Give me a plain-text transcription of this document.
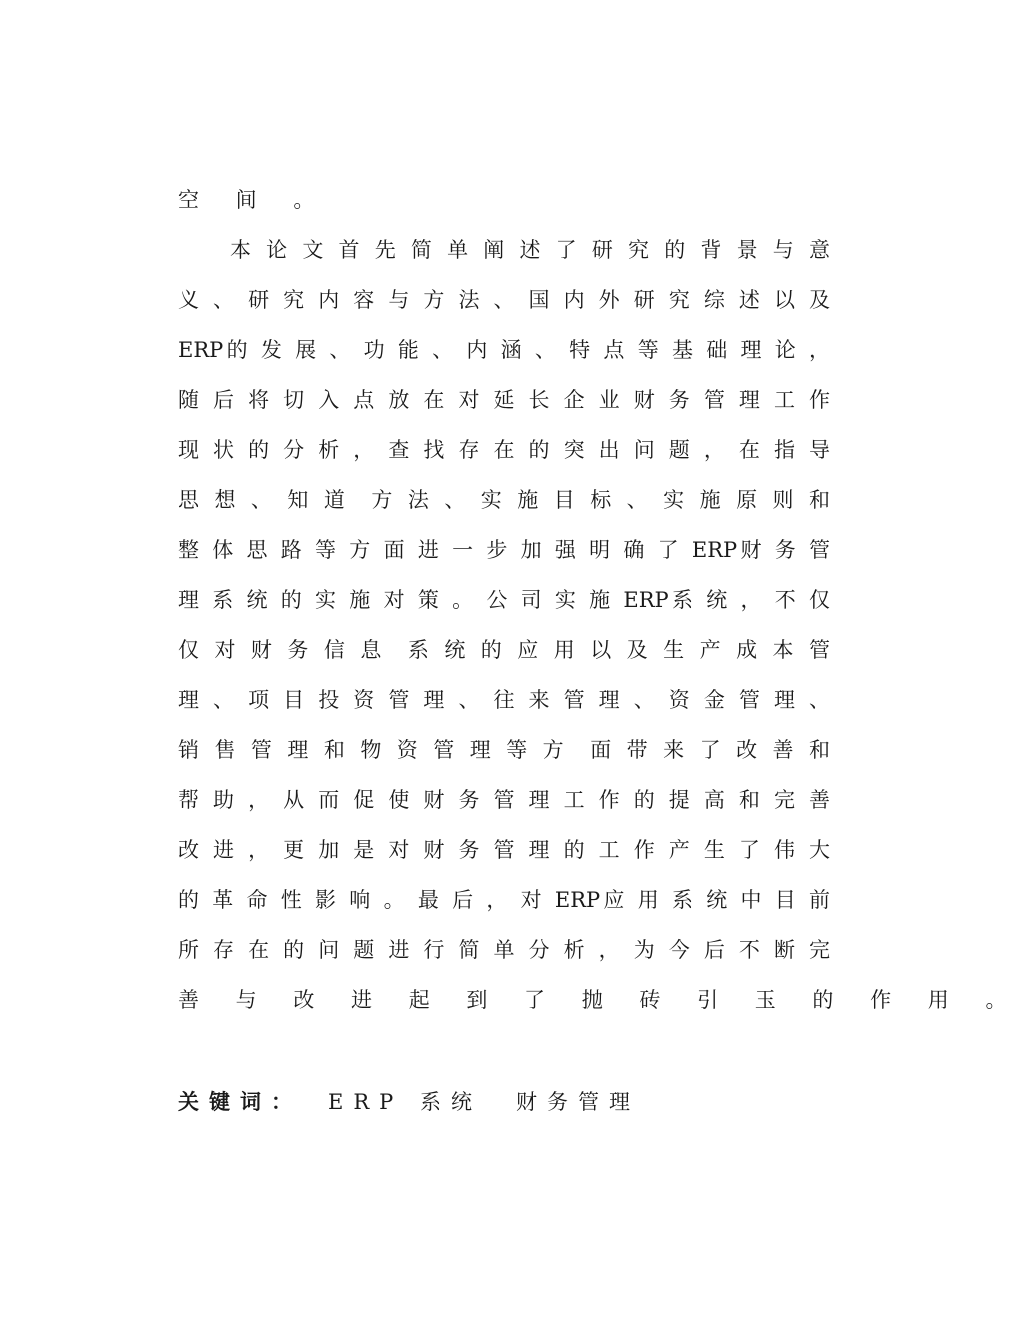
空 间 。
本 论 文 首 先 简 单 阐 述 了 研 究 的 背 景 与 意
义 、 研 究 内 容 与 方 法 、 国 内 外 研 究 综 述 以 及
ERP的 发 展 、 功 能 、 内 涵 、 特 点 等 基 础 理 论 ，
随 后 将 切 入 点 放 在 对 延 长 企 业 财 务 管 理 工 作
现 状 的 分 析 ， 查 找 存 在 的 突 出 问 题 ， 在 指 导
思 想 、 知 道  方 法 、 实 施 目 标 、 实 施 原 则 和
整 体 思 路 等 方 面 进 一 步 加 强 明 确 了 ERP财 务 管
理 系 统 的 实 施 对 策 。 公 司 实 施 ERP系 统 ， 不 仅
仅 对 财 务 信 息  系 统 的 应 用 以 及 生 产 成 本 管
理 、 项 目 投 资 管 理 、 往 来 管 理 、 资 金 管 理 、
销 售 管 理 和 物 资 管 理 等 方  面 带 来 了 改 善 和
帮 助 ， 从 而 促 使 财 务 管 理 工 作 的 提 高 和 完 善
改 进 ， 更 加 是 对 财 务 管 理 的 工 作 产 生 了 伟 大
的 革 命 性 影 响 。 最 后 ， 对 ERP应 用 系 统 中 目 前
所 存 在 的 问 题 进 行 简 单 分 析 ， 为 今 后 不 断 完
善 与 改 进 起 到 了 抛 砖 引 玉 的 作 用 。
关键词： ERP 系统 财务管理
